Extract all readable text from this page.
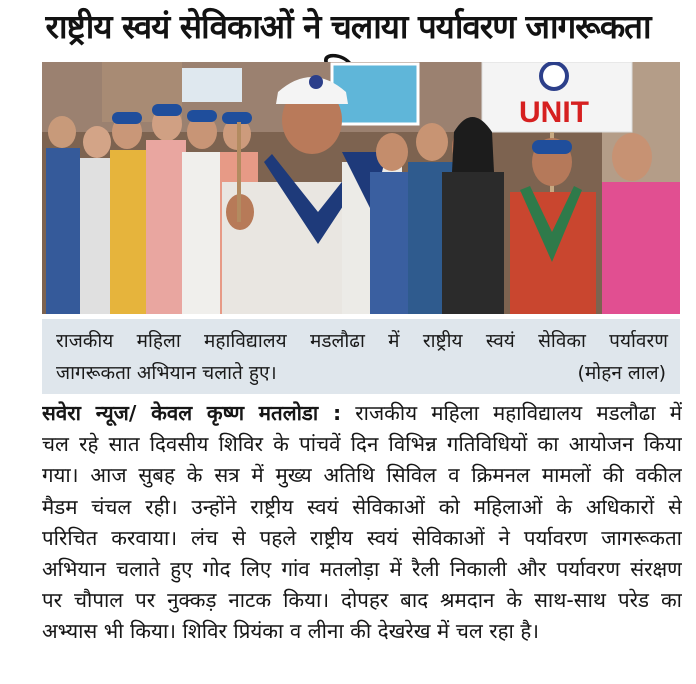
राष्ट्रीय स्वयं सेविकाओं ने चलाया पर्यावरण जागरूकता
UNIT
राजकीय महिला महाविद्यालय मडलौढा में राष्ट्रीय स्वयं सेविका पर्यावरण
जागरूकता अभियान चलाते हुए।	(मोहन लाल)
सवेरा न्यूज/ केवल कृष्ण मतलोडा : राजकीय महिला महाविद्यालय मडलौढा में
चल रहे सात दिवसीय शिविर के पांचवें दिन विभिन्न गतिविधियों का आयोजन किया
गया। आज सुबह के सत्र में मुख्य अतिथि सिविल व क्रिमनल मामलों की वकील
मैडम चंचल रही। उन्होंने राष्ट्रीय स्वयं सेविकाओं को महिलाओं के अधिकारों से
परिचित करवाया। लंच से पहले राष्ट्रीय स्वयं सेविकाओं ने पर्यावरण जागरूकता
अभियान चलाते हुए गोद लिए गांव मतलोड़ा में रैली निकाली और पर्यावरण संरक्षण
पर चौपाल पर नुक्कड़ नाटक किया। दोपहर बाद श्रमदान के साथ-साथ परेड का
अभ्यास भी किया। शिविर प्रियंका व लीना की देखरेख में चल रहा है।
